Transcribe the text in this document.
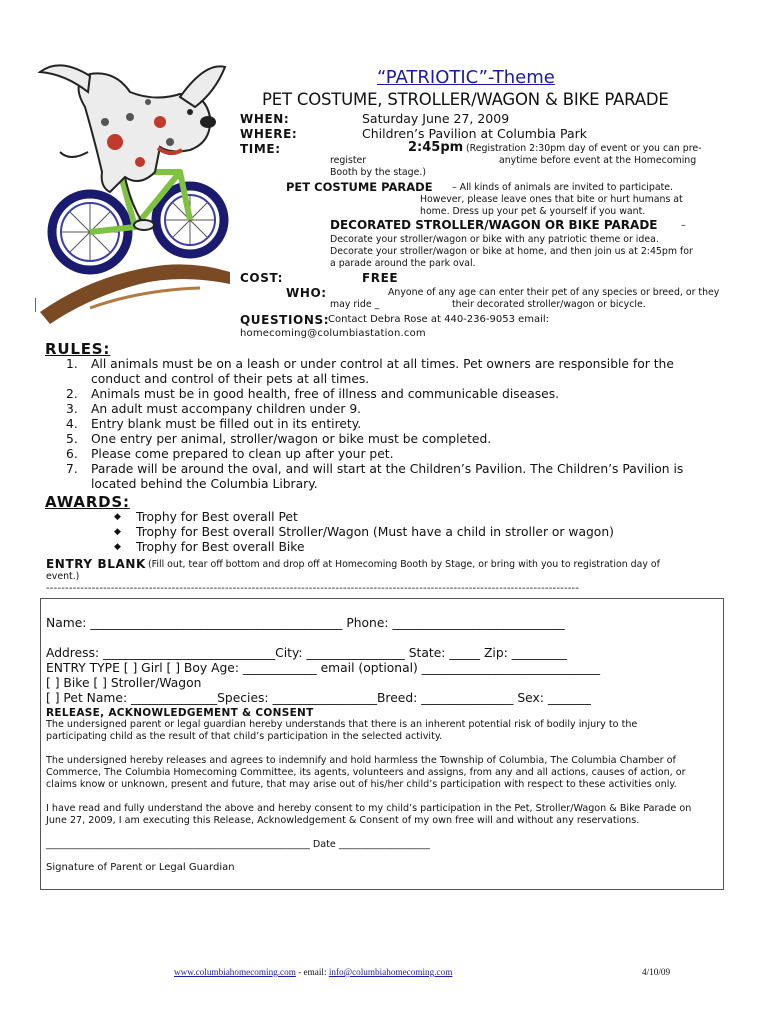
“PATRIOTIC”-Theme
PET COSTUME, STROLLER/WAGON & BIKE PARADE
WHEN:	Saturday June 27, 2009
WHERE:	Children’s Pavilion at Columbia Park
TIME:	2:45pm (Registration 2:30pm day of event or you can pre-
register	anytime before event at the Homecoming
Booth by the stage.)
PET COSTUME PARADE – All kinds of animals are invited to participate.
However, please leave ones that bite or hurt humans at
home. Dress up your pet & yourself if you want.
DECORATED STROLLER/WAGON OR BIKE PARADE	–
Decorate your stroller/wagon or bike with any patriotic theme or idea.
Decorate your stroller/wagon or bike at home, and then join us at 2:45pm for
a parade around the park oval.
COST:	FREE
WHO:	Anyone of any age can enter their pet of any species or breed, or they
may ride _	their decorated stroller/wagon or bicycle.
QUESTIONS:
Contact Debra Rose at 440-236-9053 email:
homecoming@columbiastation.com
RULES:
1. All animals must be on a leash or under control at all times. Pet owners are responsible for the
conduct and control of their pets at all times.
2. Animals must be in good health, free of illness and communicable diseases.
3. An adult must accompany children under 9.
4. Entry blank must be filled out in its entirety.
5. One entry per animal, stroller/wagon or bike must be completed.
6. Please come prepared to clean up after your pet.
7. Parade will be around the oval, and will start at the Children’s Pavilion. The Children’s Pavilion is
located behind the Columbia Library.
AWARDS:
◆ Trophy for Best overall Pet
◆ Trophy for Best overall Stroller/Wagon (Must have a child in stroller or wagon)
◆ Trophy for Best overall Bike
ENTRY BLANK (Fill out, tear off bottom and drop off at Homecoming Booth by Stage, or bring with you to registration day of
event.)
--------------------------------------------------------------------------------------------------------------------------------------------
Name: _________________________________________ Phone: ____________________________
Address: ____________________________City: ________________ State: _____ Zip: _________
ENTRY TYPE [ ] Girl [ ] Boy Age: ____________ email (optional) _____________________________
[ ] Bike [ ] Stroller/Wagon
[ ] Pet Name: ______________Species: _________________Breed: _______________ Sex: _______
RELEASE, ACKNOWLEDGEMENT & CONSENT
The undersigned parent or legal guardian hereby understands that there is an inherent potential risk of bodily injury to the
participating child as the result of that child’s participation in the selected activity.
The undersigned hereby releases and agrees to indemnify and hold harmless the Township of Columbia, The Columbia Chamber of
Commerce, The Columbia Homecoming Committee, its agents, volunteers and assigns, from any and all actions, causes of action, or
claims know or unknown, present and future, that may arise out of his/her child’s participation with respect to these activities only.
I have read and fully understand the above and hereby consent to my child’s participation in the Pet, Stroller/Wagon & Bike Parade on
June 27, 2009, I am executing this Release, Acknowledgement & Consent of my own free will and without any reservations.
_______________________________________________________ Date ___________________
Signature of Parent or Legal Guardian
www.columbiahomecoming.com - email: info@columbiahomecoming.com	4/10/09
